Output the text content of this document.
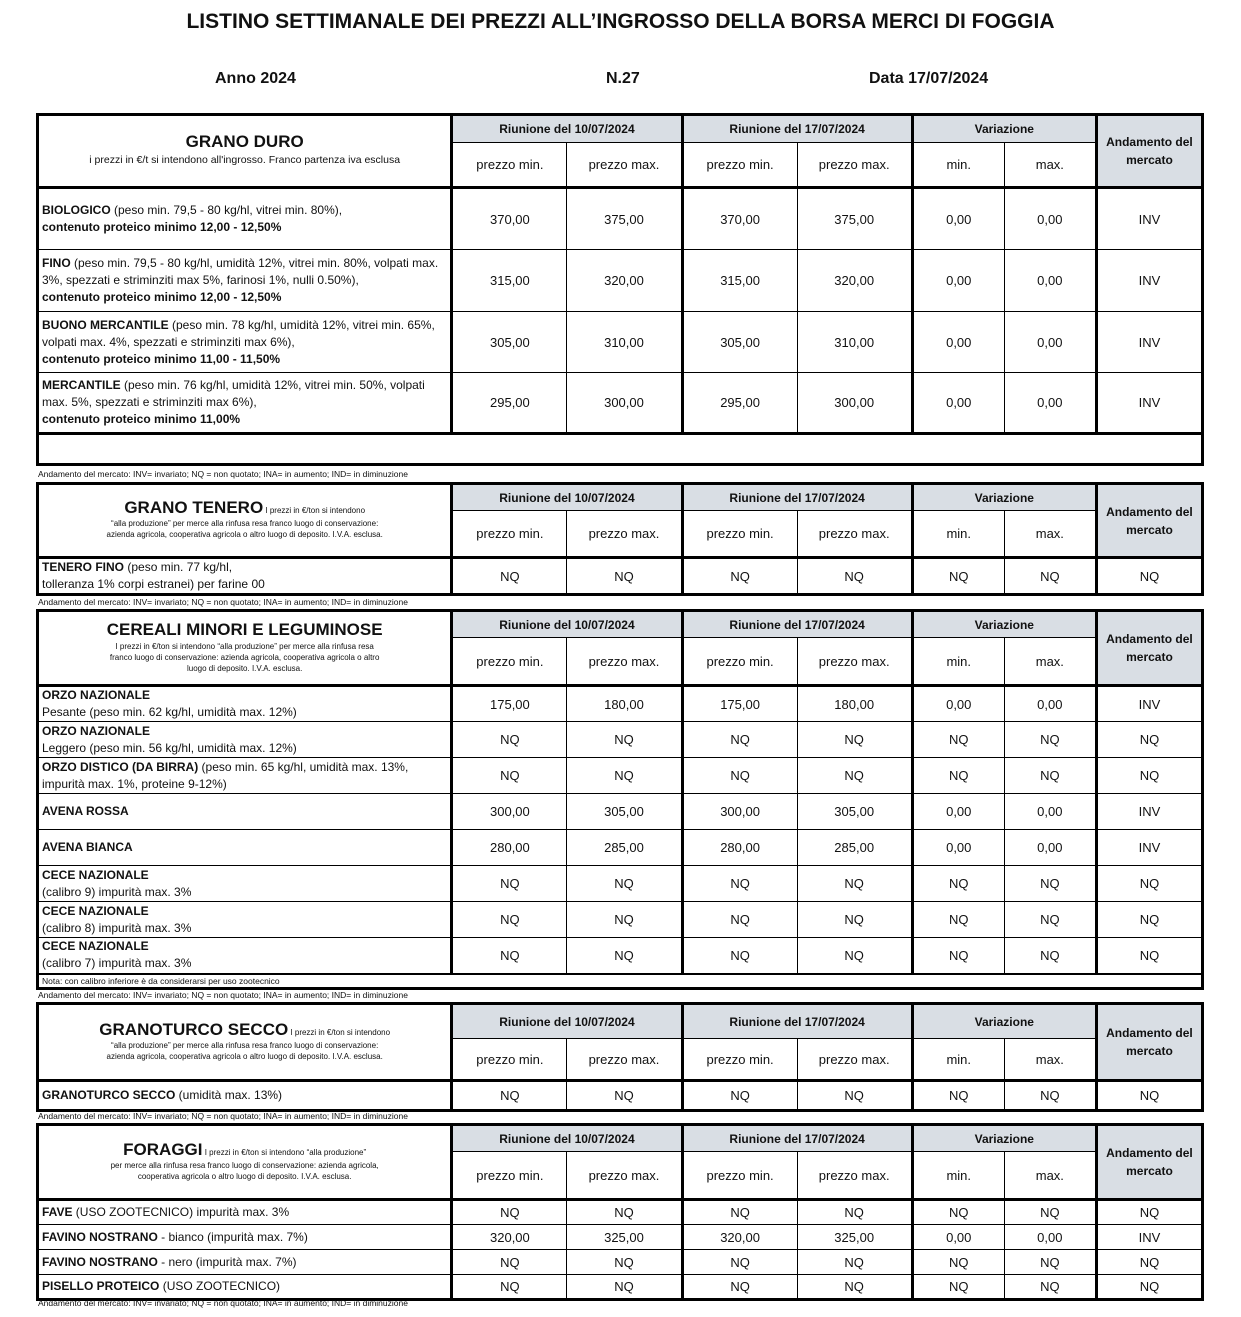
LISTINO SETTIMANALE DEI PREZZI ALL’INGROSSO DELLA BORSA MERCI DI FOGGIA
Anno 2024	N.27	Data 17/07/2024
GRANO DURO
i prezzi in €/t si intendono all'ingrosso. Franco partenza iva esclusa	Riunione del 10/07/2024		Riunione del 17/07/2024		Variazione		Andamento del mercato
	prezzo min.	prezzo max.	prezzo min.	prezzo max.	min.	max.	
BIOLOGICO (peso min. 79,5 - 80 kg/hl, vitrei min. 80%),
contenuto proteico minimo 12,00 - 12,50%	370,00	375,00	370,00	375,00	0,00	0,00	INV
FINO (peso min. 79,5 - 80 kg/hl, umidità 12%, vitrei min. 80%, volpati max. 3%, spezzati e striminziti max 5%, farinosi 1%, nulli 0.50%),
contenuto proteico minimo 12,00 - 12,50%	315,00	320,00	315,00	320,00	0,00	0,00	INV
BUONO MERCANTILE (peso min. 78 kg/hl, umidità 12%, vitrei min. 65%, volpati max. 4%, spezzati e striminziti max 6%),
contenuto proteico minimo 11,00 - 11,50%	305,00	310,00	305,00	310,00	0,00	0,00	INV
MERCANTILE (peso min. 76 kg/hl, umidità 12%, vitrei min. 50%, volpati max. 5%, spezzati e striminziti max 6%),
contenuto proteico minimo 11,00%	295,00	300,00	295,00	300,00	0,00	0,00	INV

Andamento del mercato: INV= invariato; NQ = non quotato; INA= in aumento; IND= in diminuzione
GRANO TENERO I prezzi in €/ton si intendono
“alla produzione” per merce alla rinfusa resa franco luogo di conservazione: azienda agricola, cooperativa agricola o altro luogo di deposito. I.V.A. esclusa.	Riunione del 10/07/2024		Riunione del 17/07/2024		Variazione		Andamento del mercato
	prezzo min.	prezzo max.	prezzo min.	prezzo max.	min.	max.	
TENERO FINO (peso min. 77 kg/hl,
tolleranza 1% corpi estranei) per farine 00	NQ	NQ	NQ	NQ	NQ	NQ	NQ
Andamento del mercato: INV= invariato; NQ = non quotato; INA= in aumento; IND= in diminuzione
CEREALI MINORI E LEGUMINOSE

I prezzi in €/ton si intendono “alla produzione” per merce alla rinfusa resa franco luogo di conservazione: azienda agricola, cooperativa agricola o altro luogo di deposito. I.V.A. esclusa.	Riunione del 10/07/2024		Riunione del 17/07/2024		Variazione		Andamento del mercato
	prezzo min.	prezzo max.	prezzo min.	prezzo max.	min.	max.	
ORZO NAZIONALE
Pesante (peso min. 62 kg/hl, umidità max. 12%)	175,00	180,00	175,00	180,00	0,00	0,00	INV
ORZO NAZIONALE
Leggero (peso min. 56 kg/hl, umidità max. 12%)	NQ	NQ	NQ	NQ	NQ	NQ	NQ
ORZO DISTICO (DA BIRRA) (peso min. 65 kg/hl, umidità max. 13%,
impurità max. 1%, proteine 9-12%)	NQ	NQ	NQ	NQ	NQ	NQ	NQ
AVENA ROSSA	300,00	305,00	300,00	305,00	0,00	0,00	INV
AVENA BIANCA	280,00	285,00	280,00	285,00	0,00	0,00	INV
CECE NAZIONALE
(calibro 9) impurità max. 3%	NQ	NQ	NQ	NQ	NQ	NQ	NQ
CECE NAZIONALE
(calibro 8) impurità max. 3%	NQ	NQ	NQ	NQ	NQ	NQ	NQ
CECE NAZIONALE
(calibro 7) impurità max. 3%	NQ	NQ	NQ	NQ	NQ	NQ	NQ
Nota: con calibro inferiore è da considerarsi per uso zootecnico							
Andamento del mercato: INV= invariato; NQ = non quotato; INA= in aumento; IND= in diminuzione
GRANOTURCO SECCO I prezzi in €/ton si intendono
“alla produzione” per merce alla rinfusa resa franco luogo di conservazione: azienda agricola, cooperativa agricola o altro luogo di deposito. I.V.A. esclusa.	Riunione del 10/07/2024		Riunione del 17/07/2024		Variazione		Andamento del mercato
	prezzo min.	prezzo max.	prezzo min.	prezzo max.	min.	max.	
GRANOTURCO SECCO (umidità max. 13%)	NQ	NQ	NQ	NQ	NQ	NQ	NQ
Andamento del mercato: INV= invariato; NQ = non quotato; INA= in aumento; IND= in diminuzione
FORAGGI I prezzi in €/ton si intendono “alla produzione”
per merce alla rinfusa resa franco luogo di conservazione: azienda agricola, cooperativa agricola o altro luogo di deposito. I.V.A. esclusa.	Riunione del 10/07/2024		Riunione del 17/07/2024		Variazione		Andamento del mercato
	prezzo min.	prezzo max.	prezzo min.	prezzo max.	min.	max.	
FAVE (USO ZOOTECNICO) impurità max. 3%	NQ	NQ	NQ	NQ	NQ	NQ	NQ
FAVINO NOSTRANO - bianco (impurità max. 7%)	320,00	325,00	320,00	325,00	0,00	0,00	INV
FAVINO NOSTRANO - nero (impurità max. 7%)	NQ	NQ	NQ	NQ	NQ	NQ	NQ
PISELLO PROTEICO (USO ZOOTECNICO)	NQ	NQ	NQ	NQ	NQ	NQ	NQ
Andamento del mercato: INV= invariato; NQ = non quotato; INA= in aumento; IND= in diminuzione
